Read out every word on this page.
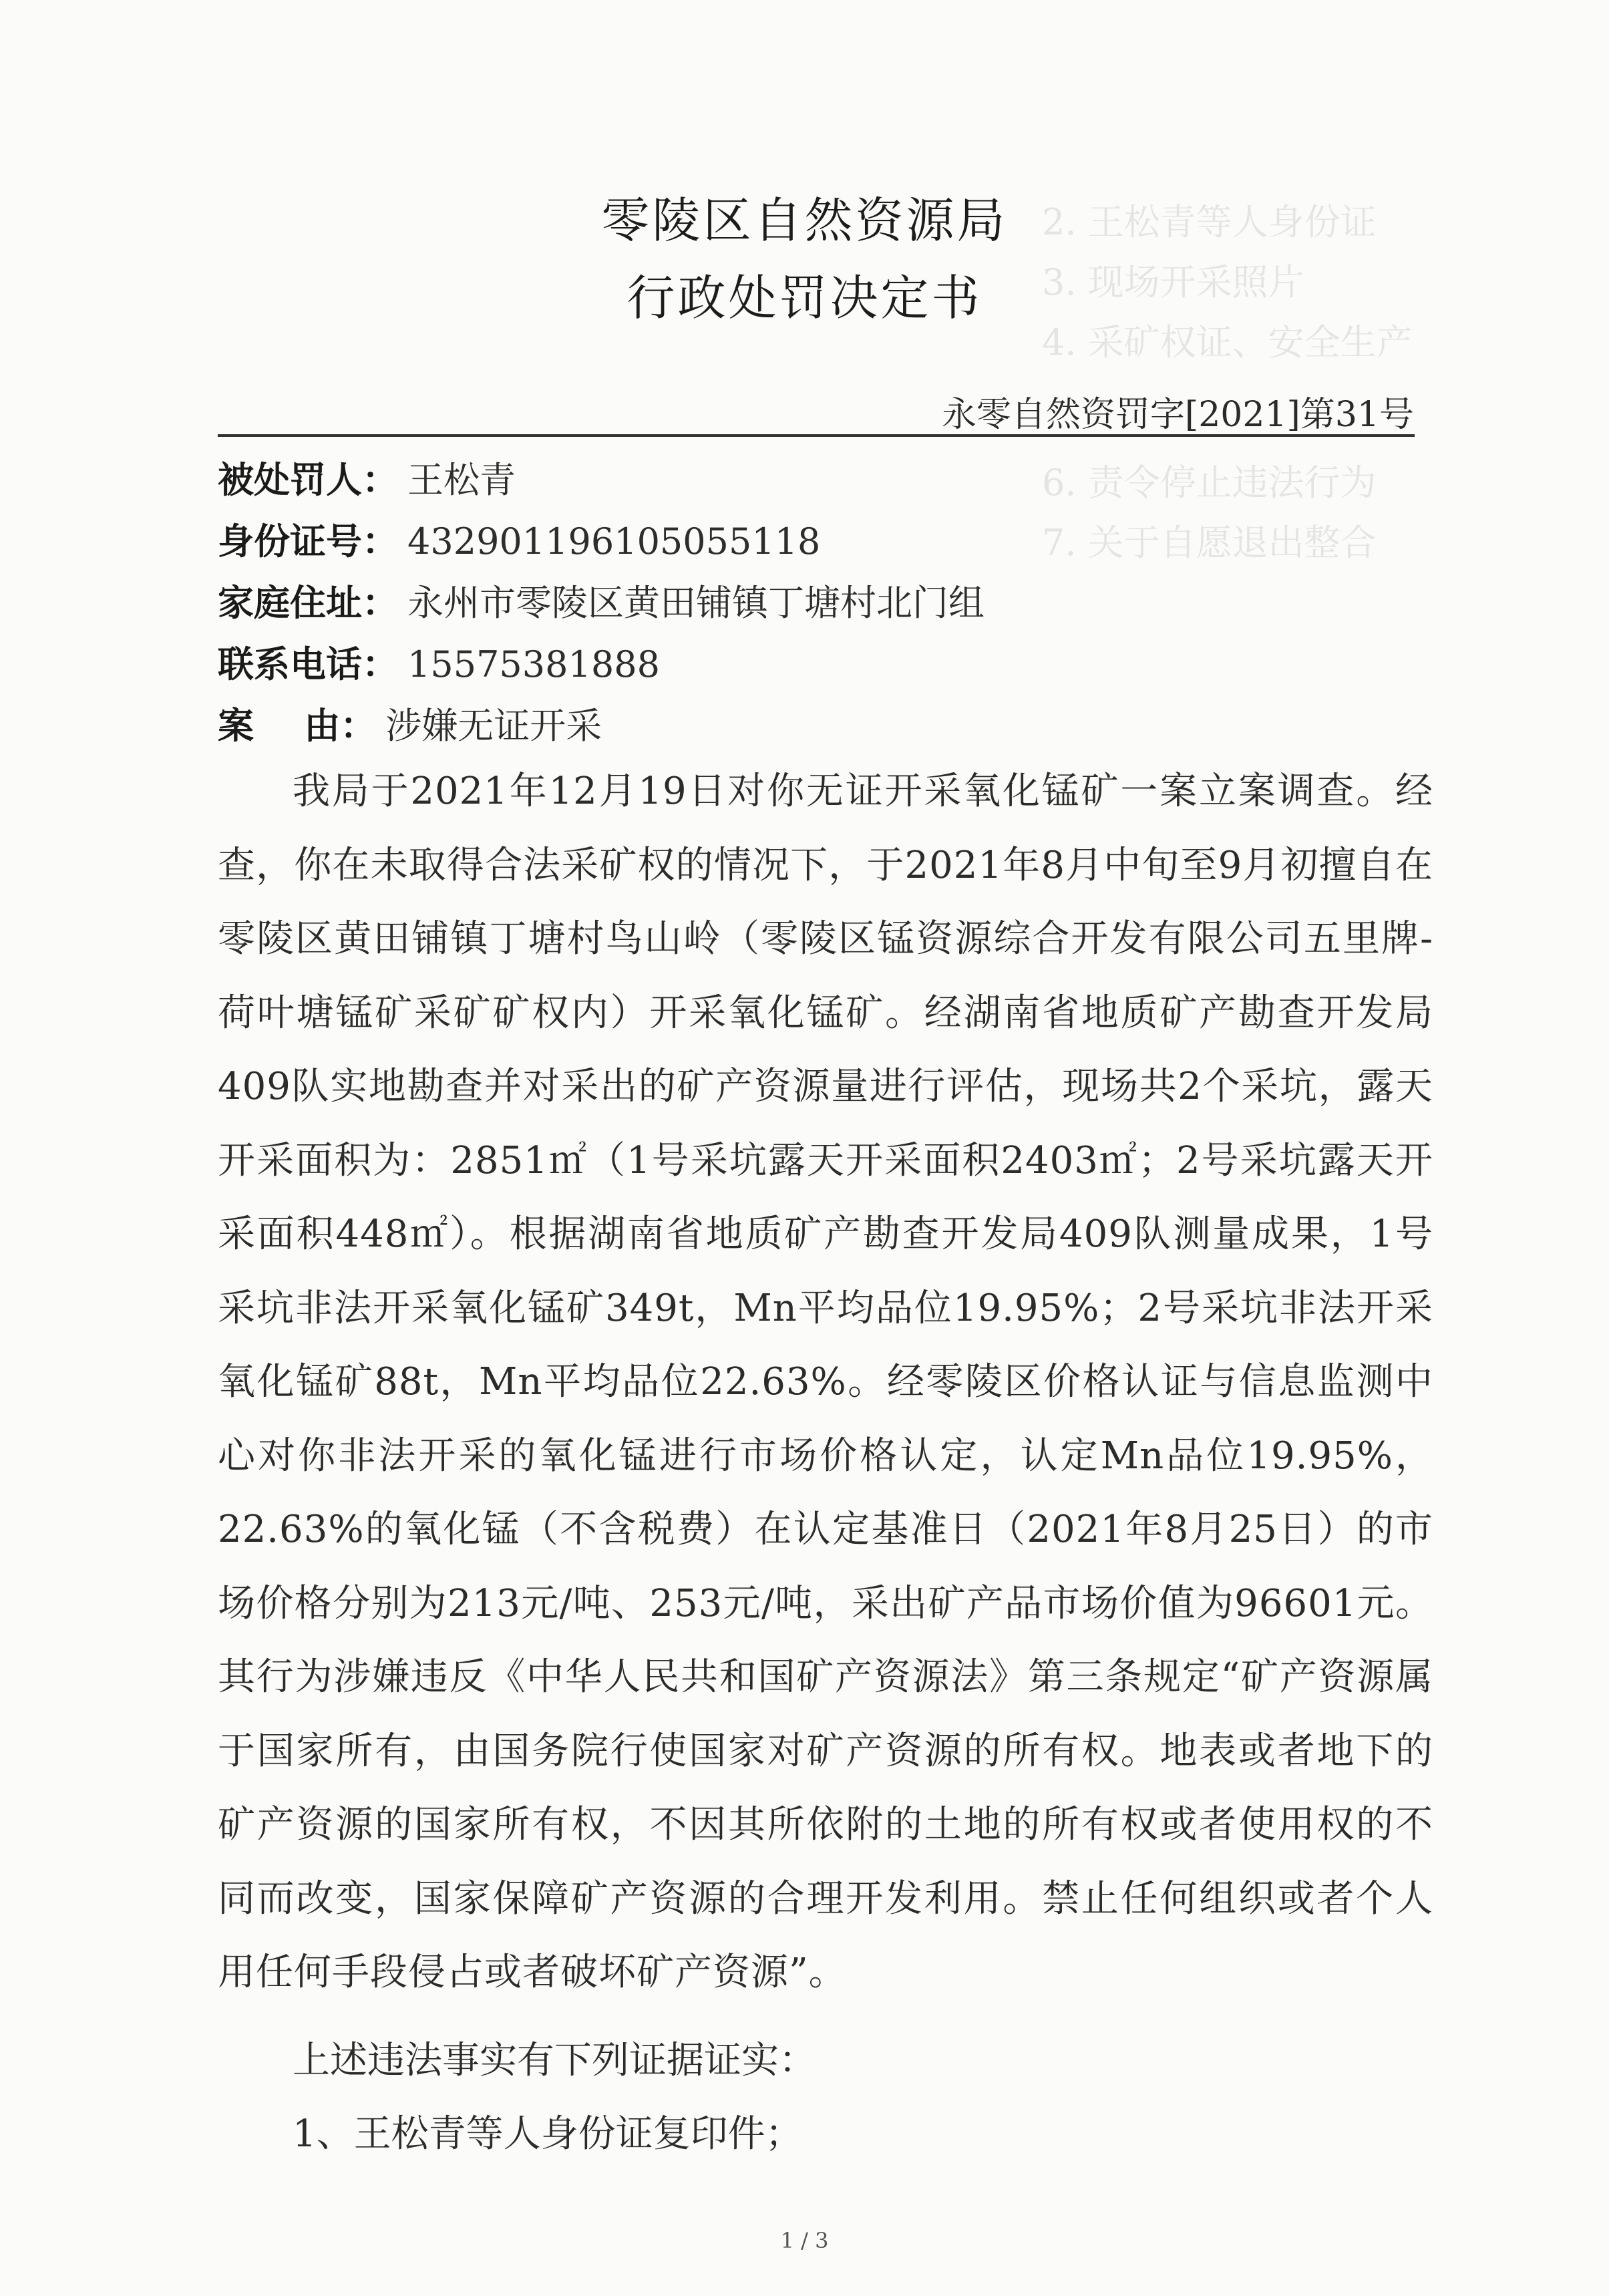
2. 王松青等人身份证
3. 现场开采照片
4. 采矿权证、安全生产
6. 责令停止违法行为
7. 关于自愿退出整合
零陵区自然资源局
行政处罚决定书
永零自然资罚字[2021]第31号
被处罚人： 王松青
身份证号： 432901196105055118
家庭住址： 永州市零陵区黄田铺镇丁塘村北门组
联系电话： 15575381888
案    由： 涉嫌无证开采
我局于2021年12月19日对你无证开采氧化锰矿一案立案调查。经查，你在未取得合法采矿权的情况下，于2021年8月中旬至9月初擅自在零陵区黄田铺镇丁塘村鸟山岭（零陵区锰资源综合开发有限公司五里牌-荷叶塘锰矿采矿矿权内）开采氧化锰矿。经湖南省地质矿产勘查开发局409队实地勘查并对采出的矿产资源量进行评估，现场共2个采坑，露天开采面积为：2851㎡（1号采坑露天开采面积2403㎡；2号采坑露天开采面积448㎡）。根据湖南省地质矿产勘查开发局409队测量成果，1号采坑非法开采氧化锰矿349t，Mn平均品位19.95%；2号采坑非法开采氧化锰矿88t，Mn平均品位22.63%。经零陵区价格认证与信息监测中心对你非法开采的氧化锰进行市场价格认定，认定Mn品位19.95%，22.63%的氧化锰（不含税费）在认定基准日（2021年8月25日）的市场价格分别为213元/吨、253元/吨，采出矿产品市场价值为96601元。其行为涉嫌违反《中华人民共和国矿产资源法》第三条规定“矿产资源属于国家所有，由国务院行使国家对矿产资源的所有权。地表或者地下的矿产资源的国家所有权，不因其所依附的土地的所有权或者使用权的不同而改变，国家保障矿产资源的合理开发利用。禁止任何组织或者个人用任何手段侵占或者破坏矿产资源”。
上述违法事实有下列证据证实：
1、王松青等人身份证复印件；
1 / 3
